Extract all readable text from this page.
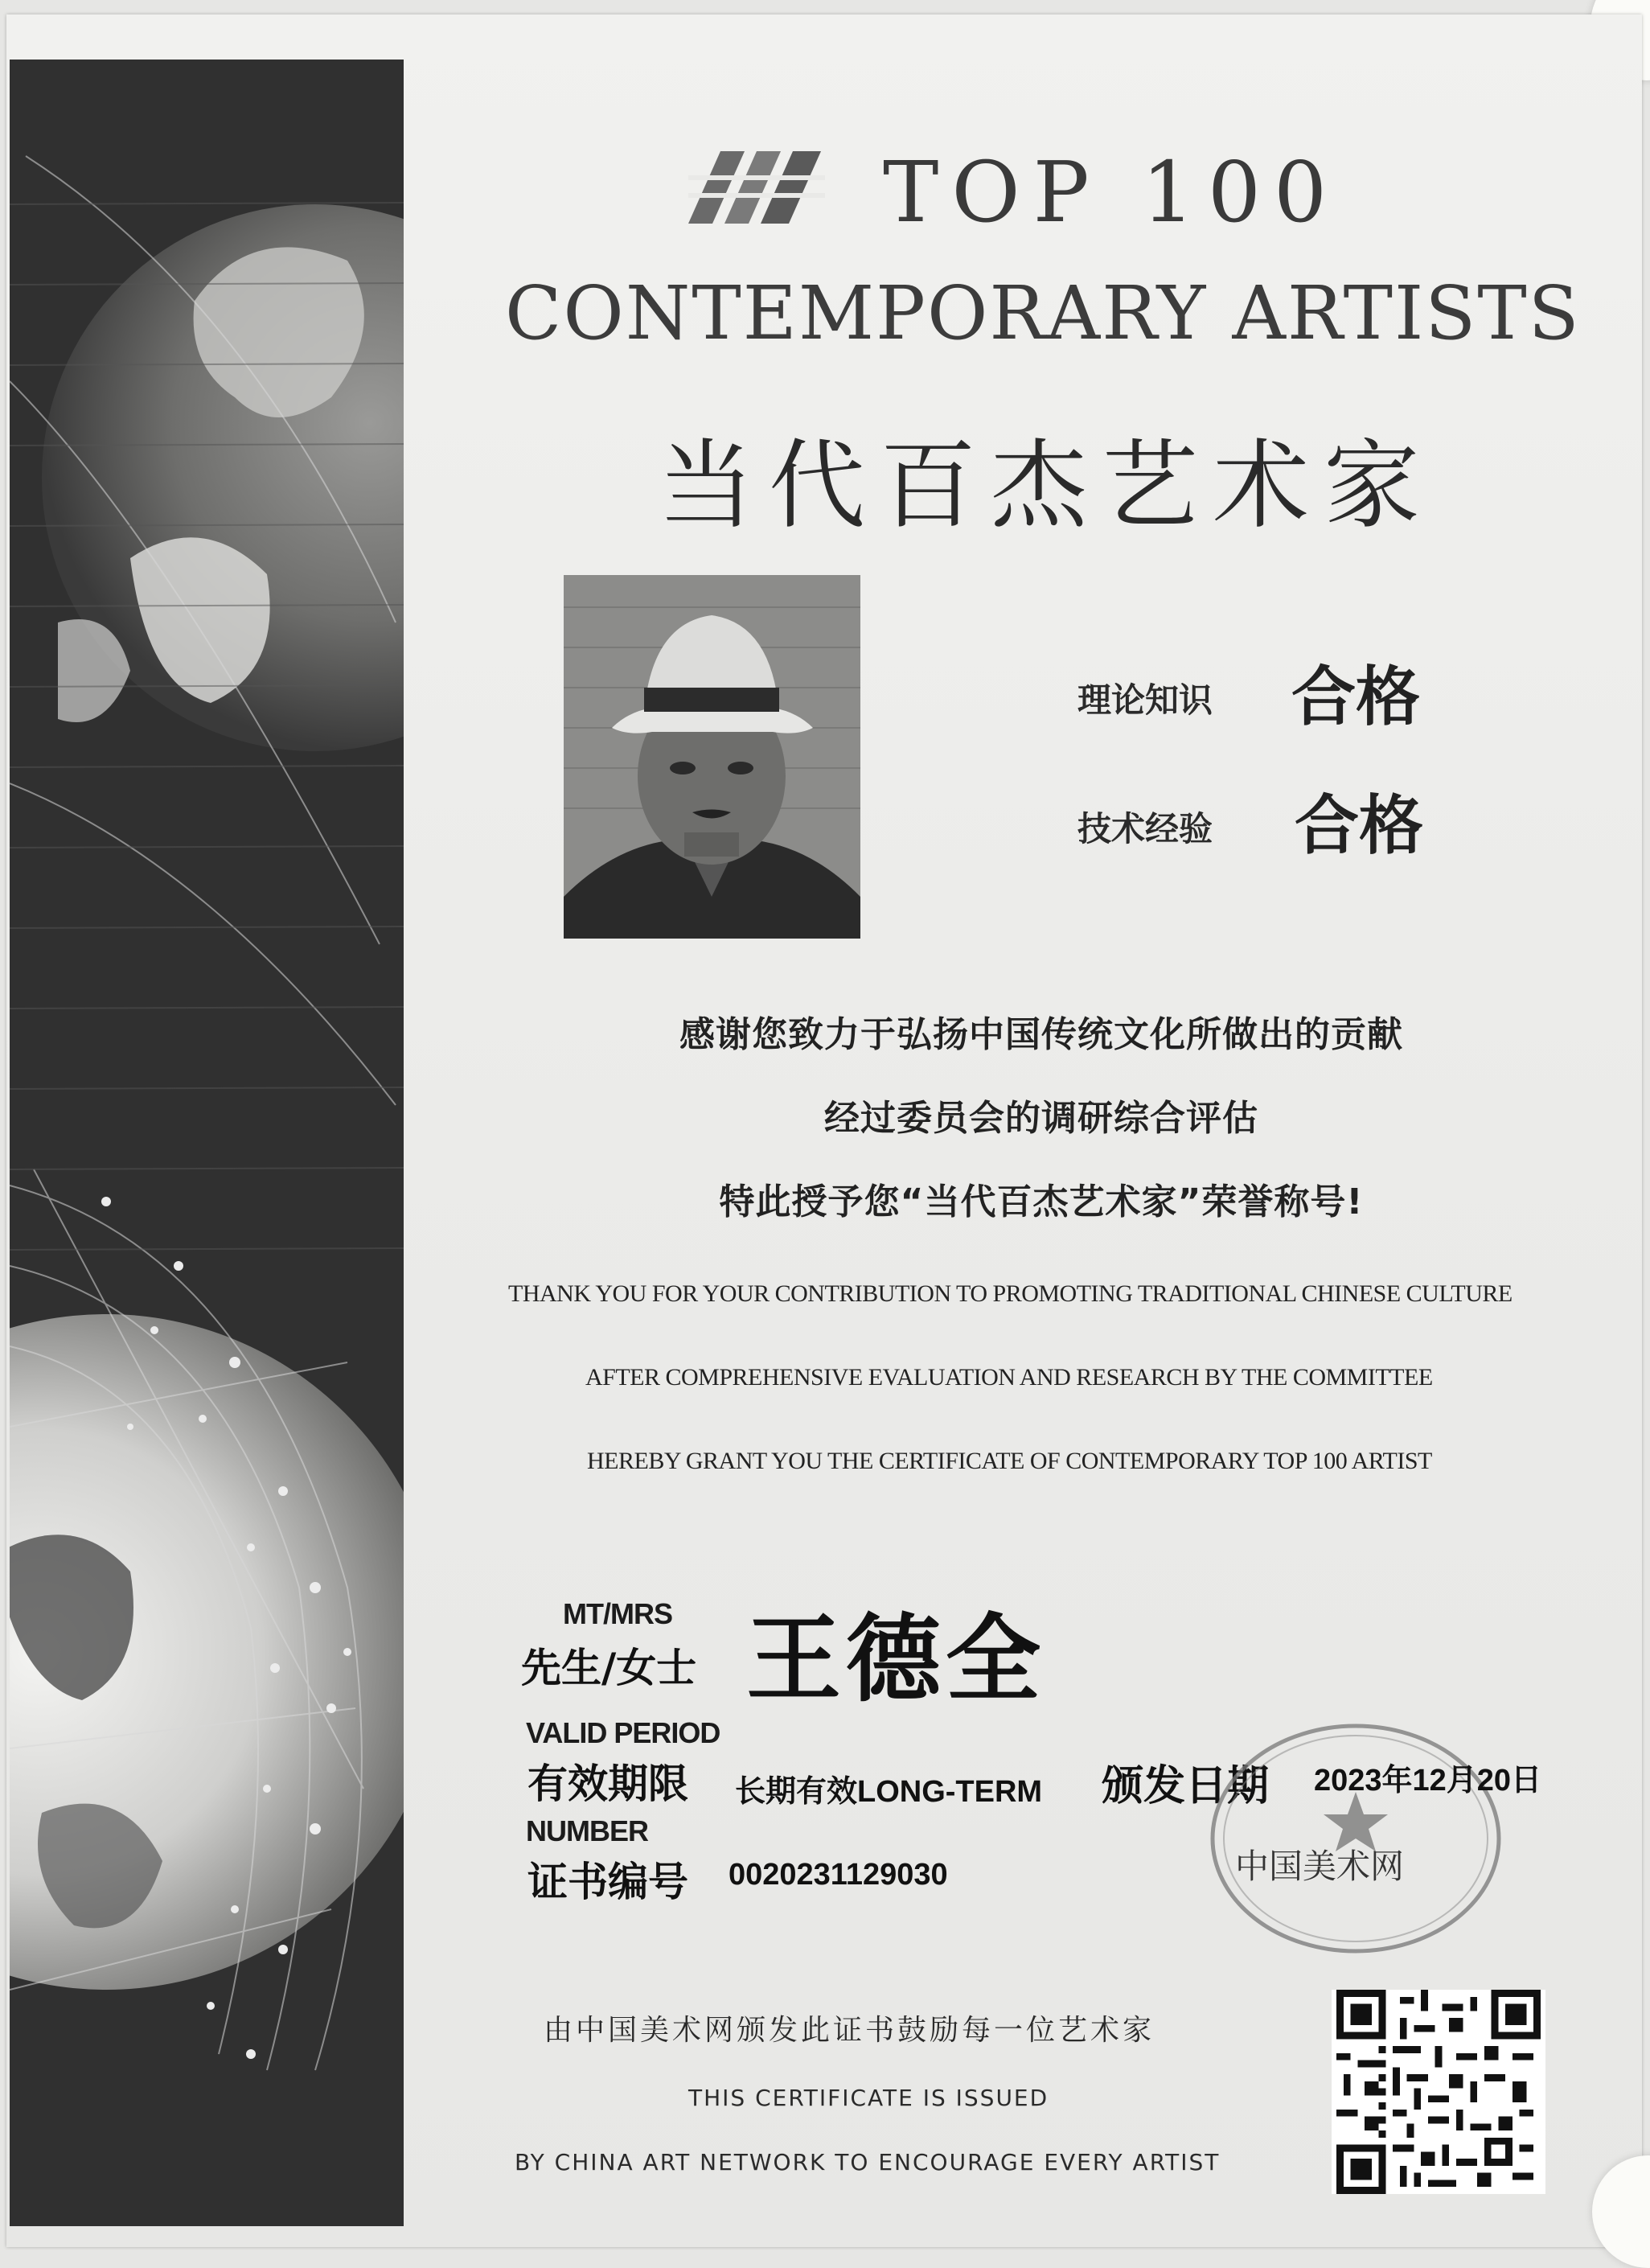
TOP 100
CONTEMPORARY ARTISTS
当代百杰艺术家
理论知识 合格
技术经验 合格
感谢您致力于弘扬中国传统文化所做出的贡献
经过委员会的调研综合评估
特此授予您“当代百杰艺术家”荣誉称号!
THANK YOU FOR YOUR CONTRIBUTION TO PROMOTING TRADITIONAL CHINESE CULTURE
AFTER COMPREHENSIVE EVALUATION AND RESEARCH BY THE COMMITTEE
HEREBY GRANT YOU THE CERTIFICATE OF CONTEMPORARY TOP 100 ARTIST
MT/MRS
先生/女士 王德全
VALID PERIOD
有效期限 长期有效LONG-TERM 颁发日期 2023年12月20日
中国美术网
NUMBER
证书编号 0020231129030
由中国美术网颁发此证书鼓励每一位艺术家
THIS CERTIFICATE IS ISSUED
BY CHINA ART NETWORK TO ENCOURAGE EVERY ARTIST
